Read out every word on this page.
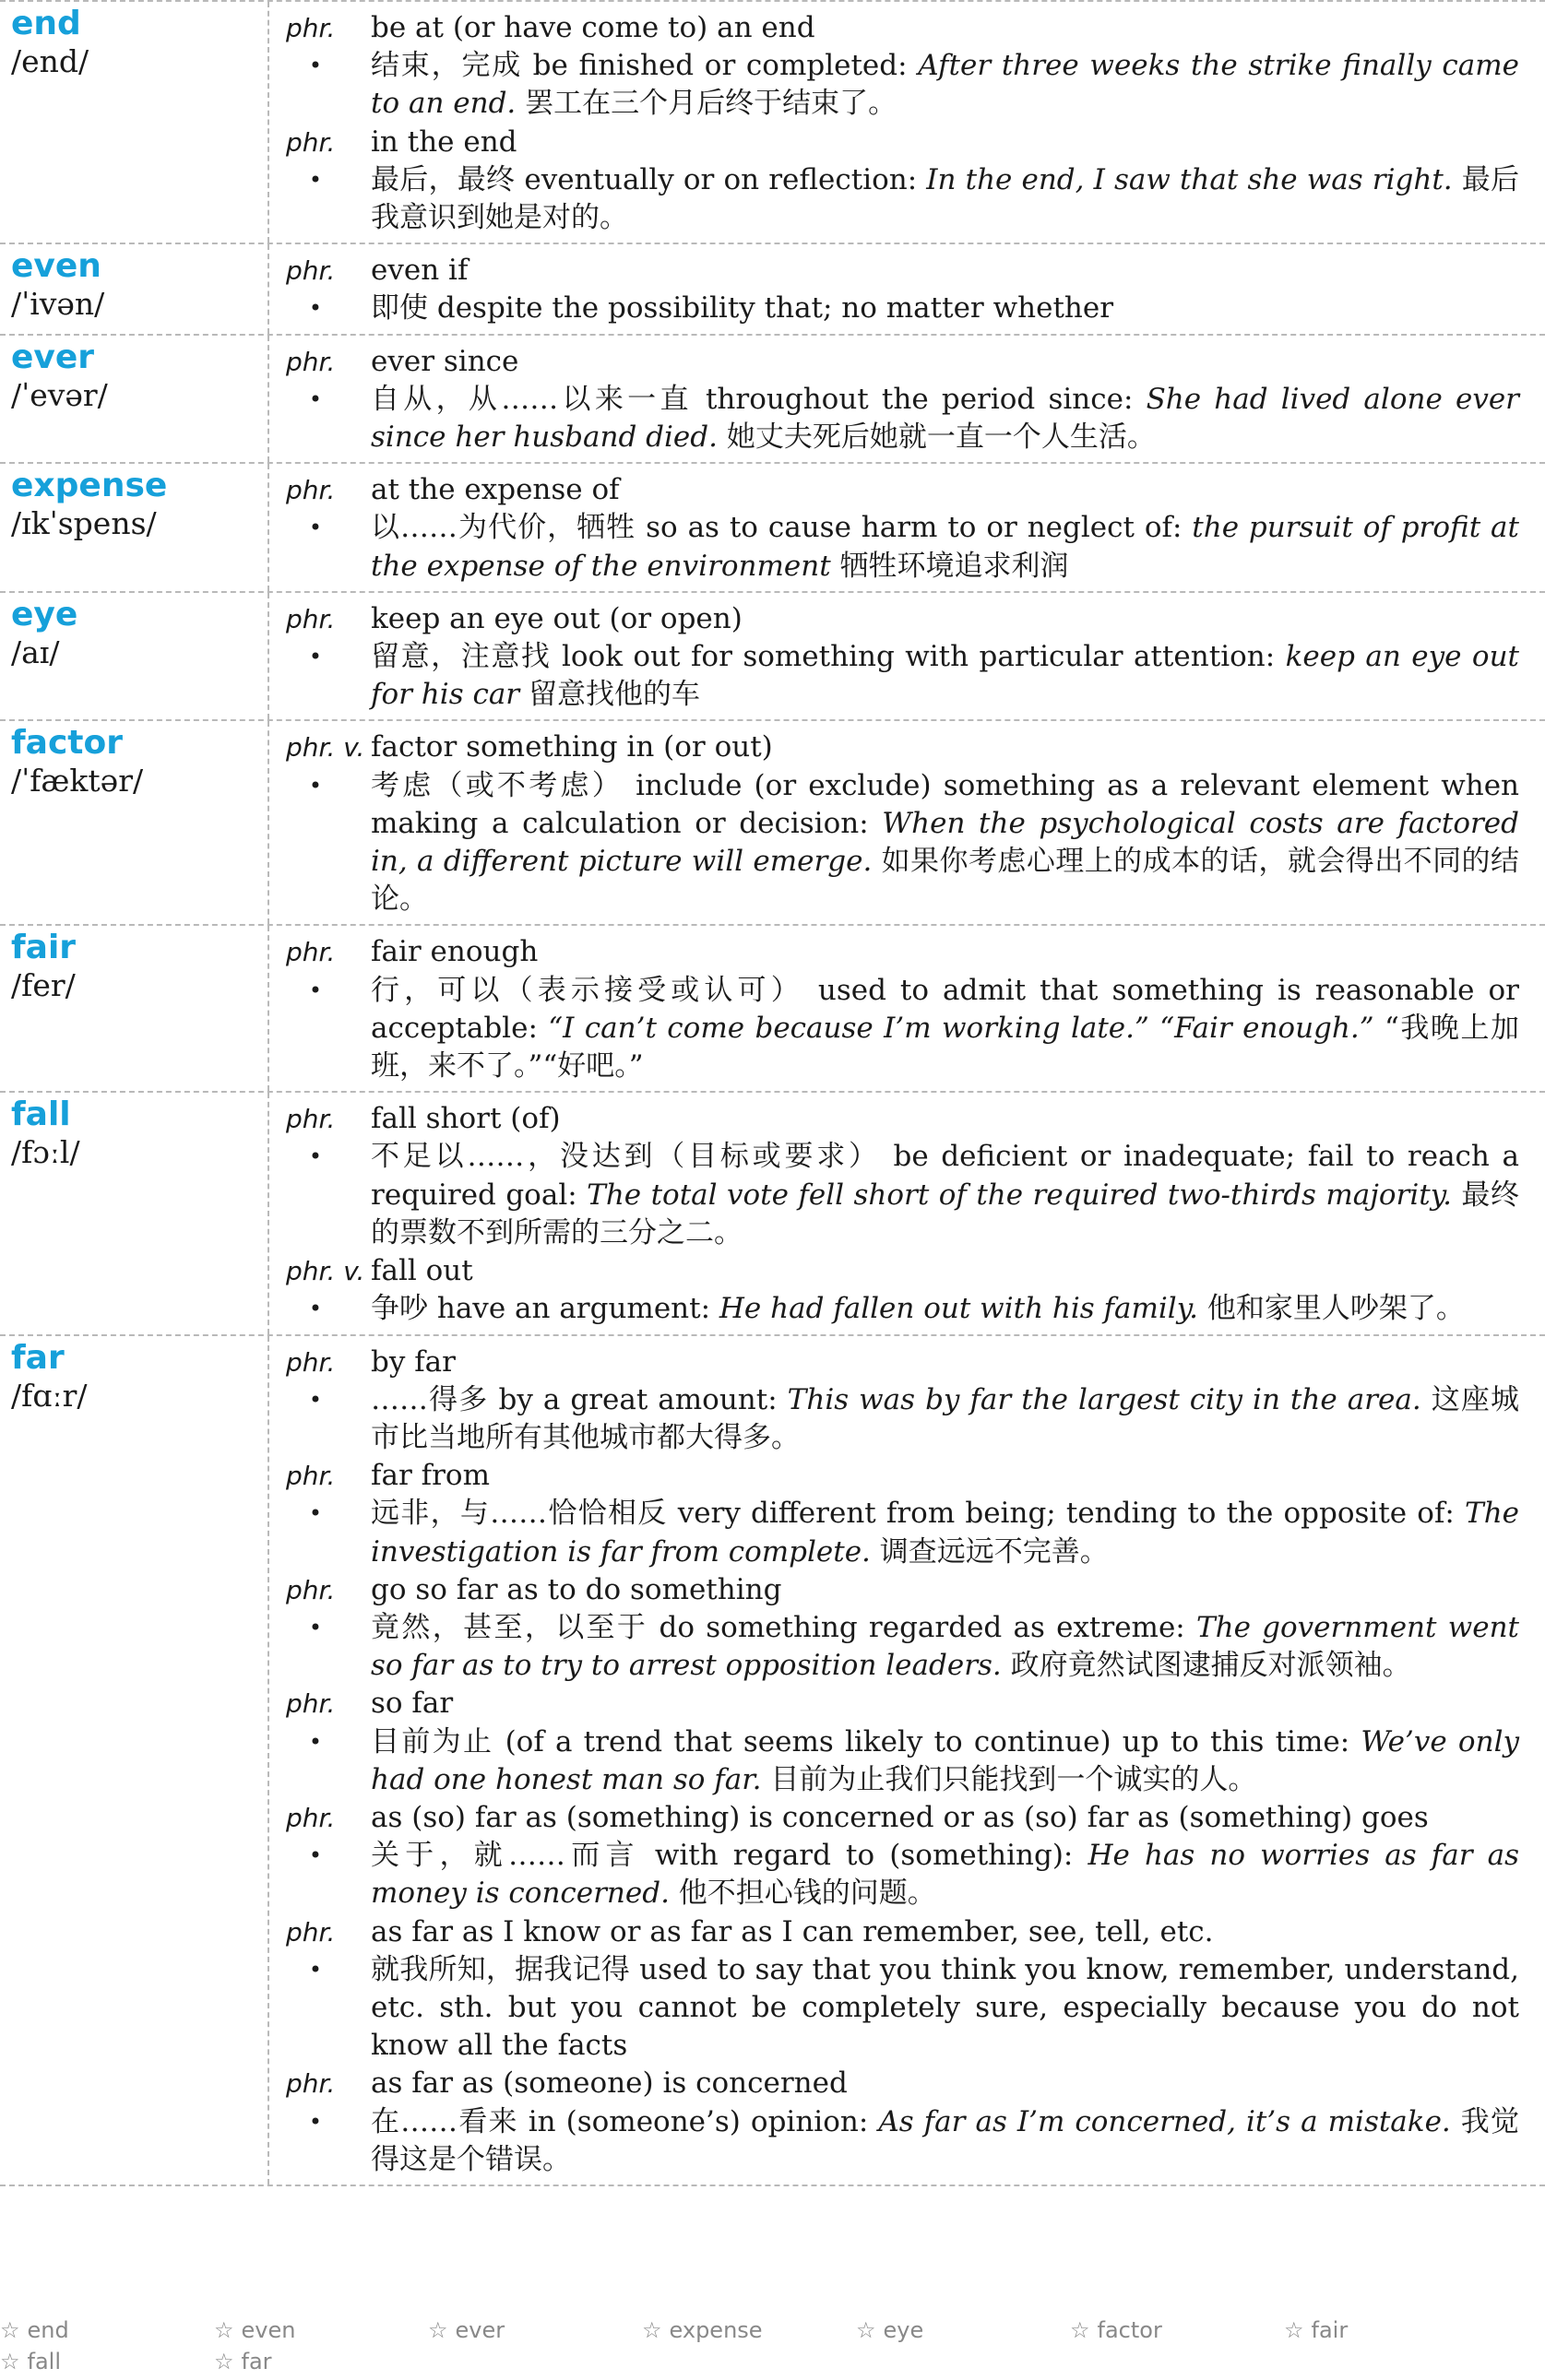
end
/end/
phr.	be at (or have come to) an end
•	结束，完成 be finished or completed: After three weeks the strike finally came to an end. 罢工在三个月后终于结束了。
phr.	in the end
•	最后，最终 eventually or on reflection: In the end, I saw that she was right. 最后我意识到她是对的。
even
/ˈivən/
phr.	even if
•	即使 despite the possibility that; no matter whether
ever
/ˈevər/
phr.	ever since
•	自从，从……以来一直 throughout the period since: She had lived alone ever since her husband died. 她丈夫死后她就一直一个人生活。
expense
/ɪkˈspens/
phr.	at the expense of
•	以……为代价，牺牲 so as to cause harm to or neglect of: the pursuit of profit at the expense of the environment 牺牲环境追求利润
eye
/aɪ/
phr.	keep an eye out (or open)
•	留意，注意找 look out for something with particular attention: keep an eye out for his car 留意找他的车
factor
/ˈfæktər/
phr. v. factor something in (or out)
•	考虑（或不考虑） include (or exclude) something as a relevant element when making a calculation or decision: When the psychological costs are factored in, a different picture will emerge. 如果你考虑心理上的成本的话，就会得出不同的结论。
fair
/fer/
phr.	fair enough
•	行，可以（表示接受或认可） used to admit that something is reasonable or acceptable: “I can’t come because I’m working late.” “Fair enough.” “我晚上加班，来不了。”“好吧。”
fall
/fɔːl/
phr.	fall short (of)
•	不足以……，没达到（目标或要求） be deficient or inadequate; fail to reach a required goal: The total vote fell short of the required two-thirds majority. 最终的票数不到所需的三分之二。
phr. v. fall out
•	争吵 have an argument: He had fallen out with his family. 他和家里人吵架了。
far
/fɑːr/
phr.	by far
•	……得多 by a great amount: This was by far the largest city in the area. 这座城市比当地所有其他城市都大得多。
phr.	far from
•	远非，与……恰恰相反 very different from being; tending to the opposite of: The investigation is far from complete. 调查远远不完善。
phr.	go so far as to do something
•	竟然，甚至，以至于 do something regarded as extreme: The government went so far as to try to arrest opposition leaders. 政府竟然试图逮捕反对派领袖。
phr.	so far
•	目前为止 (of a trend that seems likely to continue) up to this time: We’ve only had one honest man so far. 目前为止我们只能找到一个诚实的人。
phr.	as (so) far as (something) is concerned or as (so) far as (something) goes
•	关于，就……而言 with regard to (something): He has no worries as far as money is concerned. 他不担心钱的问题。
phr.	as far as I know or as far as I can remember, see, tell, etc.
•	就我所知，据我记得 used to say that you think you know, remember, understand, etc. sth. but you cannot be completely sure, especially because you do not know all the facts
phr.	as far as (someone) is concerned
•	在……看来 in (someone’s) opinion: As far as I’m concerned, it’s a mistake. 我觉得这是个错误。
☆ end	☆ even	☆ ever	☆ expense	☆ eye	☆ factor	☆ fair
☆ fall	☆ far
